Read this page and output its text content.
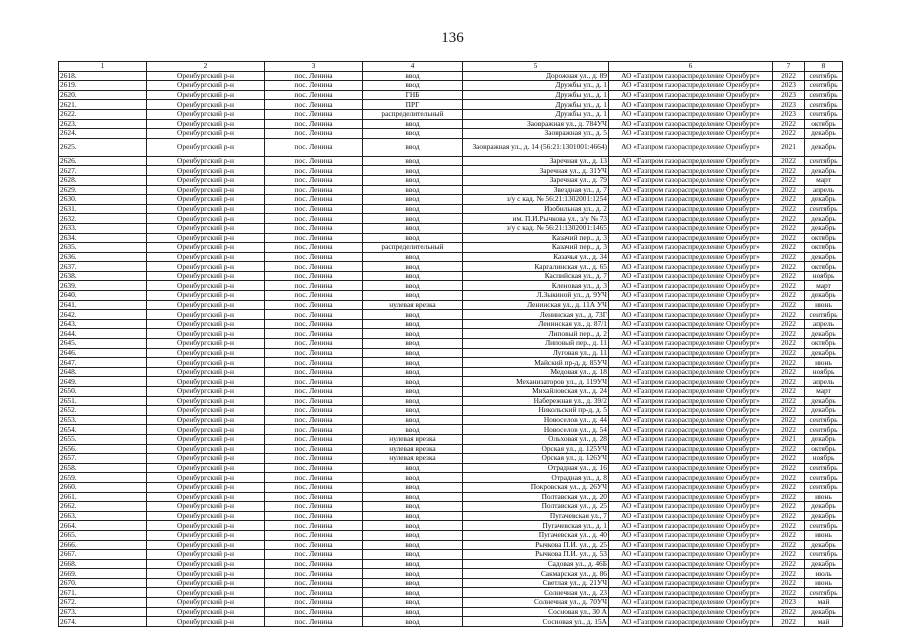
136
1	2	3	4	5	6	7	8
2618.	Оренбургский р-н	пос. Ленина	ввод	Дорожная ул., д. 89	АО «Газпром газораспределение Оренбург»	2022	сентябрь
2619.	Оренбургский р-н	пос. Ленина	ввод	Дружбы ул., д. 1	АО «Газпром газораспределение Оренбург»	2023	сентябрь
2620.	Оренбургский р-н	пос. Ленина	ГНБ	Дружбы ул., д. 1	АО «Газпром газораспределение Оренбург»	2023	сентябрь
2621.	Оренбургский р-н	пос. Ленина	ПРГ	Дружбы ул., д. 1	АО «Газпром газораспределение Оренбург»	2023	сентябрь
2622.	Оренбургский р-н	пос. Ленина	распределительный	Дружбы ул., д. 1	АО «Газпром газораспределение Оренбург»	2023	сентябрь
2623.	Оренбургский р-н	пос. Ленина	ввод	Заовражная ул., д. 784УЧ	АО «Газпром газораспределение Оренбург»	2022	октябрь
2624.	Оренбургский р-н	пос. Ленина	ввод	Заовражная ул., д. 5	АО «Газпром газораспределение Оренбург»	2022	декабрь
2625.	Оренбургский р-н	пос. Ленина	ввод	Заовражная ул., д. 14 (56:21:1301001:4664)	АО «Газпром газораспределение Оренбург»	2021	декабрь
2626.	Оренбургский р-н	пос. Ленина	ввод	Заречная ул., д. 13	АО «Газпром газораспределение Оренбург»	2022	сентябрь
2627.	Оренбургский р-н	пос. Ленина	ввод	Заречная ул., д. 31УЧ	АО «Газпром газораспределение Оренбург»	2022	декабрь
2628.	Оренбургский р-н	пос. Ленина	ввод	Заречная ул., д. 79	АО «Газпром газораспределение Оренбург»	2022	март
2629.	Оренбургский р-н	пос. Ленина	ввод	Звездная ул., д. 7	АО «Газпром газораспределение Оренбург»	2022	апрель
2630.	Оренбургский р-н	пос. Ленина	ввод	з/у с кад. № 56:21:1302001:1254	АО «Газпром газораспределение Оренбург»	2022	декабрь
2631.	Оренбургский р-н	пос. Ленина	ввод	Изобильная ул., д. 2	АО «Газпром газораспределение Оренбург»	2022	сентябрь
2632.	Оренбургский р-н	пос. Ленина	ввод	им. П.И.Рычкова ул., з/у № 73	АО «Газпром газораспределение Оренбург»	2022	декабрь
2633.	Оренбургский р-н	пос. Ленина	ввод	з/у с кад. № 56:21:1302001:1465	АО «Газпром газораспределение Оренбург»	2022	декабрь
2634.	Оренбургский р-н	пос. Ленина	ввод	Казачий пер., д. 3	АО «Газпром газораспределение Оренбург»	2022	октябрь
2635.	Оренбургский р-н	пос. Ленина	распределительный	Казачий пер., д. 3	АО «Газпром газораспределение Оренбург»	2022	октябрь
2636.	Оренбургский р-н	пос. Ленина	ввод	Казачья ул., д. 34	АО «Газпром газораспределение Оренбург»	2022	декабрь
2637.	Оренбургский р-н	пос. Ленина	ввод	Каргалинская ул., д. 65	АО «Газпром газораспределение Оренбург»	2022	октябрь
2638.	Оренбургский р-н	пос. Ленина	ввод	Каспийская ул., д. 7	АО «Газпром газораспределение Оренбург»	2022	ноябрь
2639.	Оренбургский р-н	пос. Ленина	ввод	Кленовая ул., д. 3	АО «Газпром газораспределение Оренбург»	2022	март
2640.	Оренбургский р-н	пос. Ленина	ввод	Л.Зыкиной ул., д. 9УЧ	АО «Газпром газораспределение Оренбург»	2022	декабрь
2641.	Оренбургский р-н	пос. Ленина	нулевая врезка	Ленинская ул., д. 11А УЧ	АО «Газпром газораспределение Оренбург»	2022	июнь
2642.	Оренбургский р-н	пос. Ленина	ввод	Ленинская ул., д. 73Г	АО «Газпром газораспределение Оренбург»	2022	сентябрь
2643.	Оренбургский р-н	пос. Ленина	ввод	Ленинская ул., д. 87/1	АО «Газпром газораспределение Оренбург»	2022	апрель
2644.	Оренбургский р-н	пос. Ленина	ввод	Липовый пер., д. 2	АО «Газпром газораспределение Оренбург»	2022	декабрь
2645.	Оренбургский р-н	пос. Ленина	ввод	Липовый пер., д. 11	АО «Газпром газораспределение Оренбург»	2022	октябрь
2646.	Оренбургский р-н	пос. Ленина	ввод	Луговая ул., д. 11	АО «Газпром газораспределение Оренбург»	2022	декабрь
2647.	Оренбургский р-н	пос. Ленина	ввод	Майский пр-д, д. 85УЧ	АО «Газпром газораспределение Оренбург»	2022	июнь
2648.	Оренбургский р-н	пос. Ленина	ввод	Медовая ул., д. 18	АО «Газпром газораспределение Оренбург»	2022	ноябрь
2649.	Оренбургский р-н	пос. Ленина	ввод	Механизаторов ул., д. 119УЧ	АО «Газпром газораспределение Оренбург»	2022	апрель
2650.	Оренбургский р-н	пос. Ленина	ввод	Михайловская ул., д. 24	АО «Газпром газораспределение Оренбург»	2022	март
2651.	Оренбургский р-н	пос. Ленина	ввод	Набережная ул., д. 39/2	АО «Газпром газораспределение Оренбург»	2022	декабрь
2652.	Оренбургский р-н	пос. Ленина	ввод	Никольский пр-д, д. 5	АО «Газпром газораспределение Оренбург»	2022	декабрь
2653.	Оренбургский р-н	пос. Ленина	ввод	Новоселов ул., д. 44	АО «Газпром газораспределение Оренбург»	2022	сентябрь
2654.	Оренбургский р-н	пос. Ленина	ввод	Новоселов ул., д. 54	АО «Газпром газораспределение Оренбург»	2022	сентябрь
2655.	Оренбургский р-н	пос. Ленина	нулевая врезка	Ольховая ул., д. 28	АО «Газпром газораспределение Оренбург»	2021	декабрь
2656.	Оренбургский р-н	пос. Ленина	нулевая врезка	Орская ул., д. 125УЧ	АО «Газпром газораспределение Оренбург»	2022	октябрь
2657.	Оренбургский р-н	пос. Ленина	нулевая врезка	Орская ул., д. 126УЧ	АО «Газпром газораспределение Оренбург»	2022	ноябрь
2658.	Оренбургский р-н	пос. Ленина	ввод	Отрадная ул., д. 16	АО «Газпром газораспределение Оренбург»	2022	сентябрь
2659.	Оренбургский р-н	пос. Ленина	ввод	Отрадная ул., д. 8	АО «Газпром газораспределение Оренбург»	2022	сентябрь
2660.	Оренбургский р-н	пос. Ленина	ввод	Покровская ул., д. 26УЧ	АО «Газпром газораспределение Оренбург»	2022	сентябрь
2661.	Оренбургский р-н	пос. Ленина	ввод	Полтавская ул., д. 20	АО «Газпром газораспределение Оренбург»	2022	июнь
2662.	Оренбургский р-н	пос. Ленина	ввод	Полтавская ул., д. 25	АО «Газпром газораспределение Оренбург»	2022	декабрь
2663.	Оренбургский р-н	пос. Ленина	ввод	Пугачевская ул., 7	АО «Газпром газораспределение Оренбург»	2022	декабрь
2664.	Оренбургский р-н	пос. Ленина	ввод	Пугачевская ул., д. 1	АО «Газпром газораспределение Оренбург»	2022	сентябрь
2665.	Оренбургский р-н	пос. Ленина	ввод	Пугачевская ул., д. 40	АО «Газпром газораспределение Оренбург»	2022	июнь
2666.	Оренбургский р-н	пос. Ленина	ввод	Рычкова П.И. ул., д. 25	АО «Газпром газораспределение Оренбург»	2022	декабрь
2667.	Оренбургский р-н	пос. Ленина	ввод	Рычкова П.И. ул., д. 53	АО «Газпром газораспределение Оренбург»	2022	сентябрь
2668.	Оренбургский р-н	пос. Ленина	ввод	Садовая ул., д. 46Б	АО «Газпром газораспределение Оренбург»	2022	декабрь
2669.	Оренбургский р-н	пос. Ленина	ввод	Сакмарская ул., д. 86	АО «Газпром газораспределение Оренбург»	2022	июль
2670.	Оренбургский р-н	пос. Ленина	ввод	Светлая ул., д. 21УЧ	АО «Газпром газораспределение Оренбург»	2022	июнь
2671.	Оренбургский р-н	пос. Ленина	ввод	Солнечная ул., д. 23	АО «Газпром газораспределение Оренбург»	2022	сентябрь
2672.	Оренбургский р-н	пос. Ленина	ввод	Солнечная ул., д. 70УЧ	АО «Газпром газораспределение Оренбург»	2023	май
2673.	Оренбургский р-н	пос. Ленина	ввод	Сосновая ул., 30 А	АО «Газпром газораспределение Оренбург»	2022	декабрь
2674.	Оренбургский р-н	пос. Ленина	ввод	Сосновая ул., д. 15А	АО «Газпром газораспределение Оренбург»	2022	май
